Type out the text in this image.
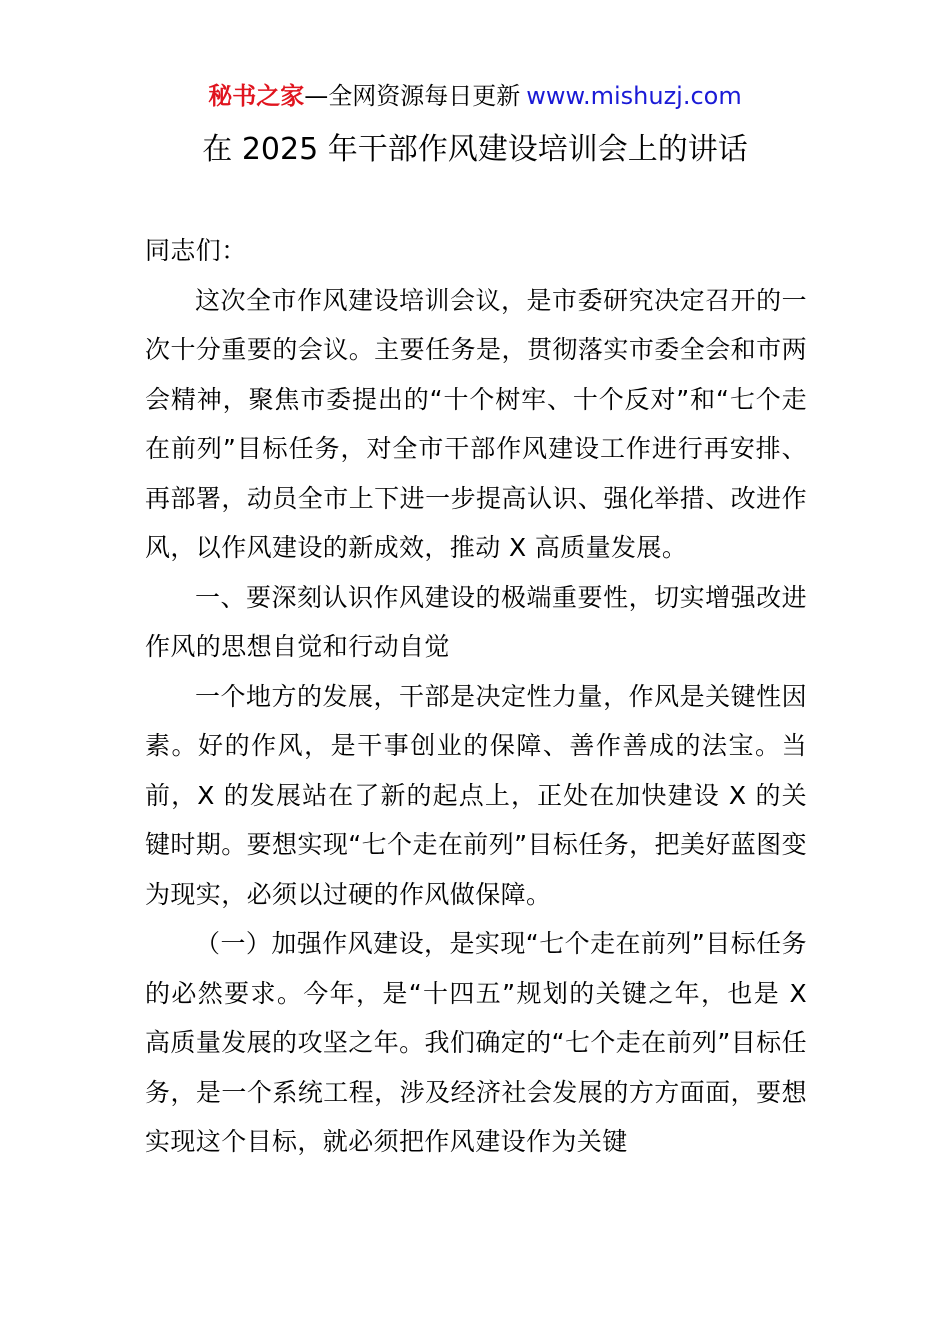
秘书之家—全网资源每日更新 www.mishuzj.com
在 2025 年干部作风建设培训会上的讲话

同志们：

这次全市作风建设培训会议，是市委研究决定召开的一次十分重要的会议。主要任务是，贯彻落实市委全会和市两会精神，聚焦市委提出的“十个树牢、十个反对”和“七个走在前列”目标任务，对全市干部作风建设工作进行再安排、再部署，动员全市上下进一步提高认识、强化举措、改进作风，以作风建设的新成效，推动 X 高质量发展。

一、要深刻认识作风建设的极端重要性，切实增强改进作风的思想自觉和行动自觉

一个地方的发展，干部是决定性力量，作风是关键性因素。好的作风，是干事创业的保障、善作善成的法宝。当前，X 的发展站在了新的起点上，正处在加快建设 X 的关键时期。要想实现“七个走在前列”目标任务，把美好蓝图变为现实，必须以过硬的作风做保障。

（一）加强作风建设，是实现“七个走在前列”目标任务的必然要求。今年，是“十四五”规划的关键之年，也是 X 高质量发展的攻坚之年。我们确定的“七个走在前列”目标任务，是一个系统工程，涉及经济社会发展的方方面面，要想实现这个目标，就必须把作风建设作为关键
